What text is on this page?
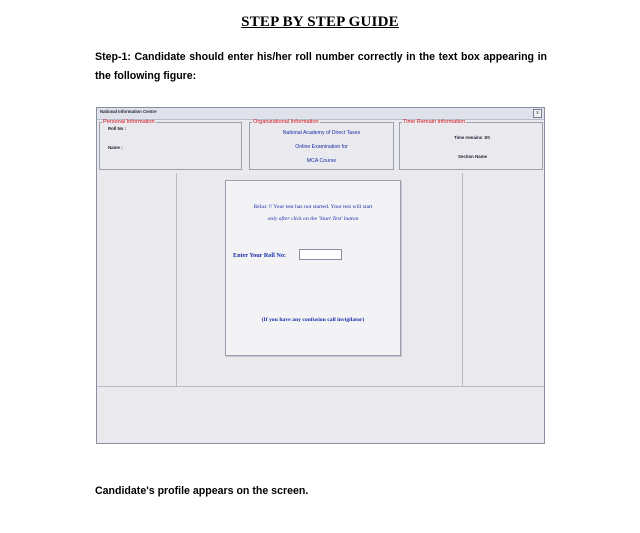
STEP BY STEP GUIDE
Step-1: Candidate should enter his/her roll number correctly in the text box appearing in the following figure:
National Information Centre	x
Personal Information
Roll No :
Name :
Organizational Information
National Academy of Direct Taxes
Online Examination for
MCA Course
Time Remain information
Time remains :00
Section Name
Relax !! Your test has not started. Your test will start
only after click on the 'Start Test' button
Enter Your Roll No:
(If you have any confusion call invigilator)
Candidate's profile appears on the screen.
